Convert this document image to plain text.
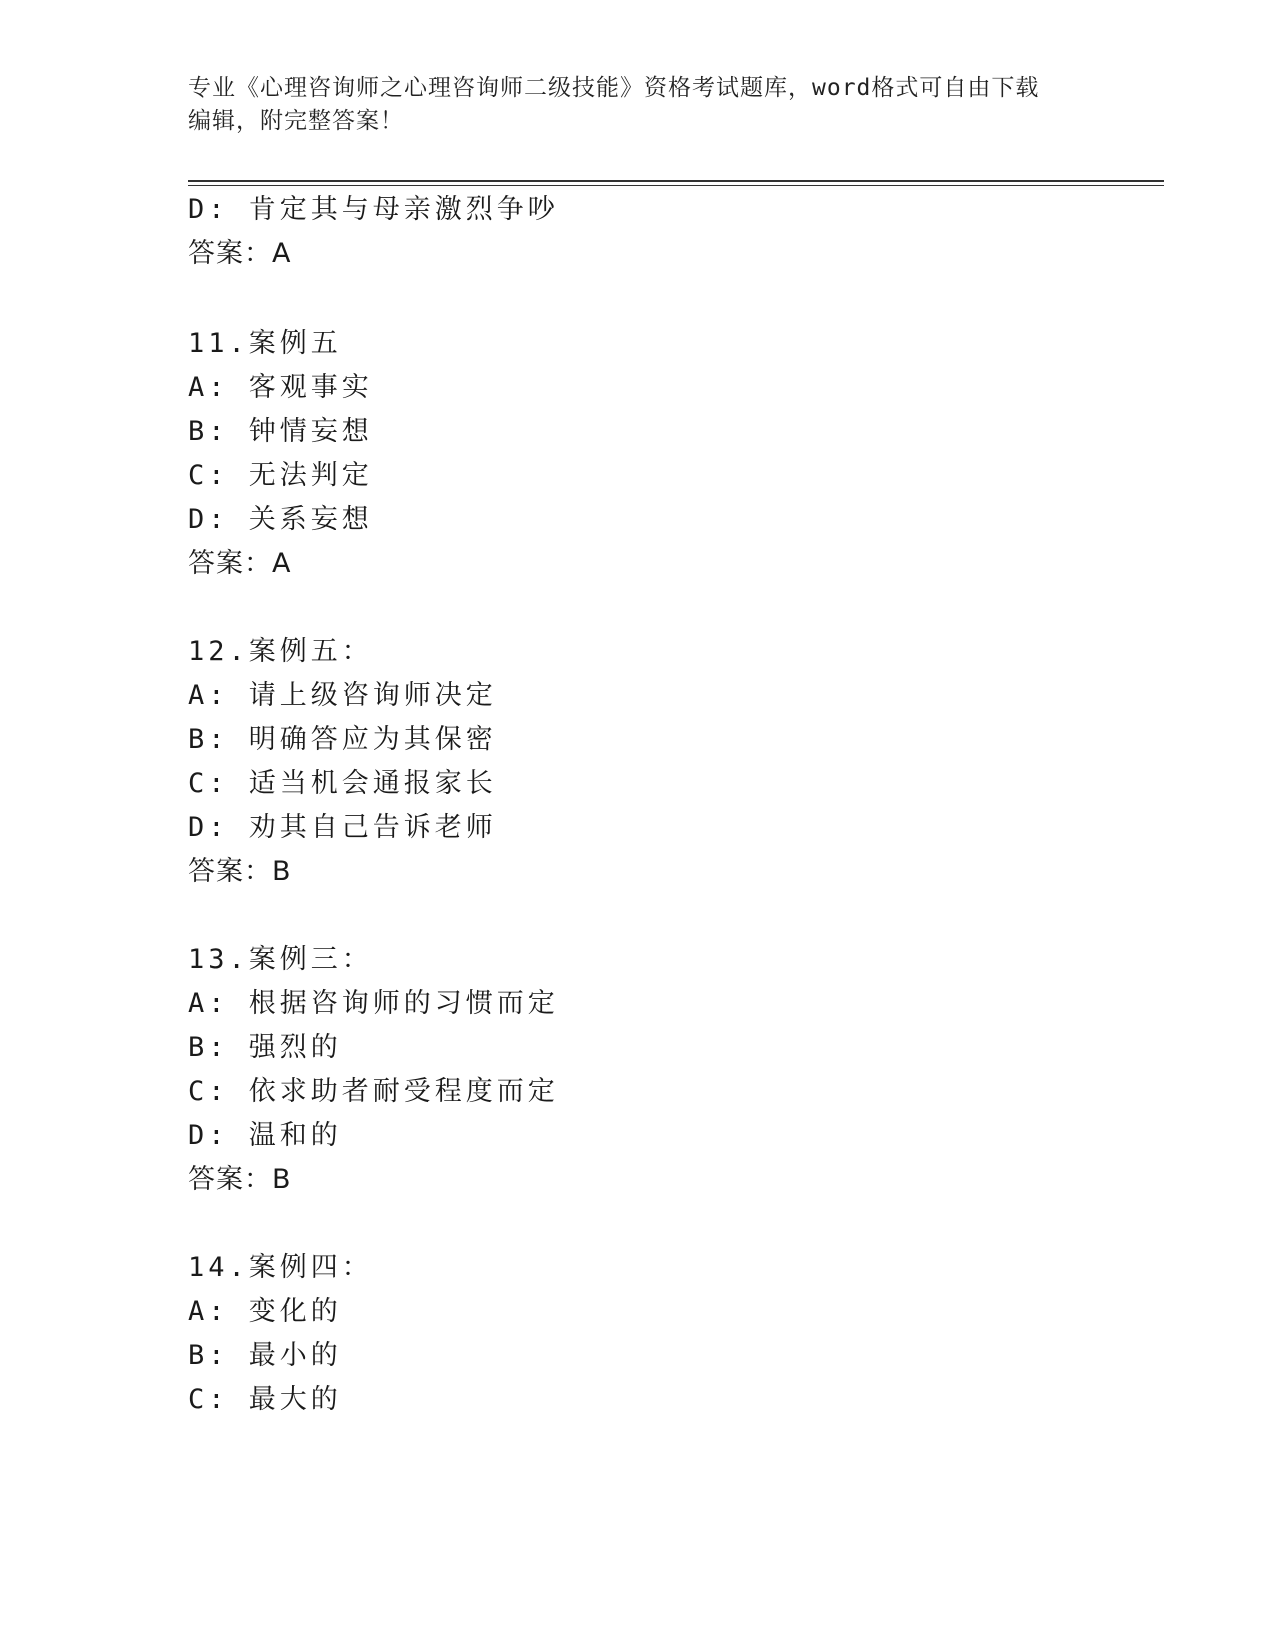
专业《心理咨询师之心理咨询师二级技能》资格考试题库，word格式可自由下载
编辑，附完整答案！
D: 肯定其与母亲激烈争吵
答案：A
11.案例五
A: 客观事实
B: 钟情妄想
C: 无法判定
D: 关系妄想
答案：A
12.案例五：
A: 请上级咨询师决定
B: 明确答应为其保密
C: 适当机会通报家长
D: 劝其自己告诉老师
答案：B
13.案例三：
A: 根据咨询师的习惯而定
B: 强烈的
C: 依求助者耐受程度而定
D: 温和的
答案：B
14.案例四：
A: 变化的
B: 最小的
C: 最大的
